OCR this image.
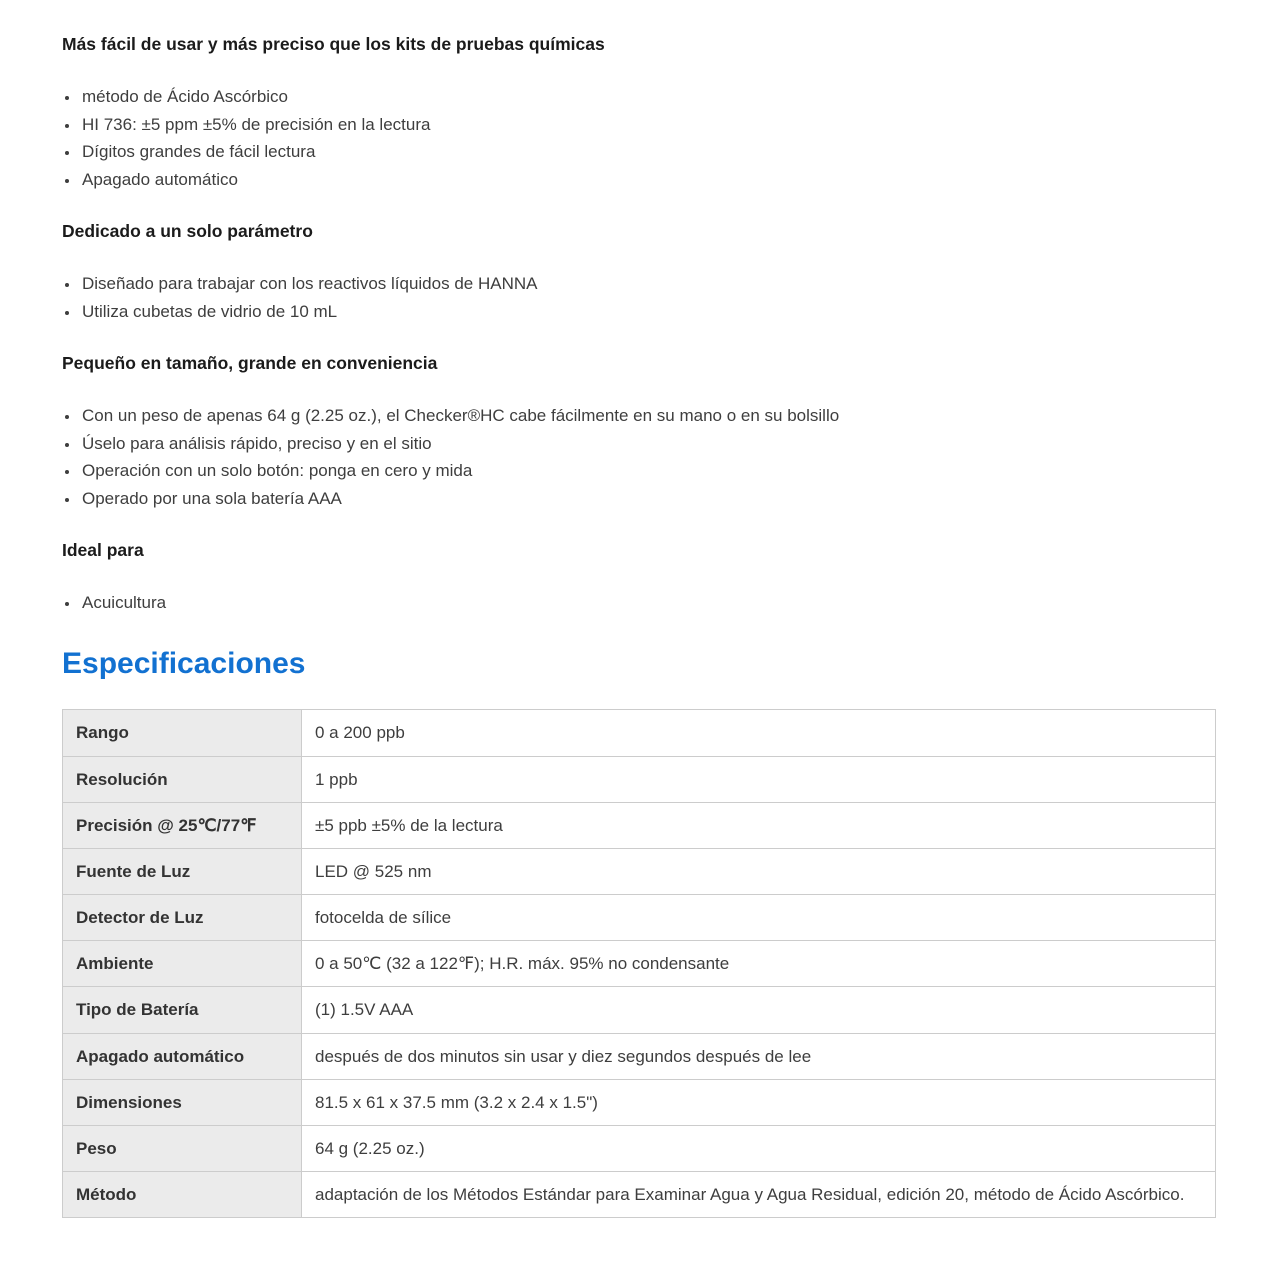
Más fácil de usar y más preciso que los kits de pruebas químicas
• método de Ácido Ascórbico
• HI 736: ±5 ppm ±5% de precisión en la lectura
• Dígitos grandes de fácil lectura
• Apagado automático
Dedicado a un solo parámetro
• Diseñado para trabajar con los reactivos líquidos de HANNA
• Utiliza cubetas de vidrio de 10 mL
Pequeño en tamaño, grande en conveniencia
• Con un peso de apenas 64 g (2.25 oz.), el Checker®HC cabe fácilmente en su mano o en su bolsillo
• Úselo para análisis rápido, preciso y en el sitio
• Operación con un solo botón: ponga en cero y mida
• Operado por una sola batería AAA
Ideal para
• Acuicultura
Especificaciones
Rango	0 a 200 ppb
Resolución	1 ppb
Precisión @ 25℃/77℉	±5 ppb ±5% de la lectura
Fuente de Luz	LED @ 525 nm
Detector de Luz	fotocelda de sílice
Ambiente	0 a 50℃ (32 a 122℉); H.R. máx. 95% no condensante
Tipo de Batería	(1) 1.5V AAA
Apagado automático	después de dos minutos sin usar y diez segundos después de lee
Dimensiones	81.5 x 61 x 37.5 mm (3.2 x 2.4 x 1.5")
Peso	64 g (2.25 oz.)
Método	adaptación de los Métodos Estándar para Examinar Agua y Agua Residual, edición 20, método de Ácido Ascórbico.
